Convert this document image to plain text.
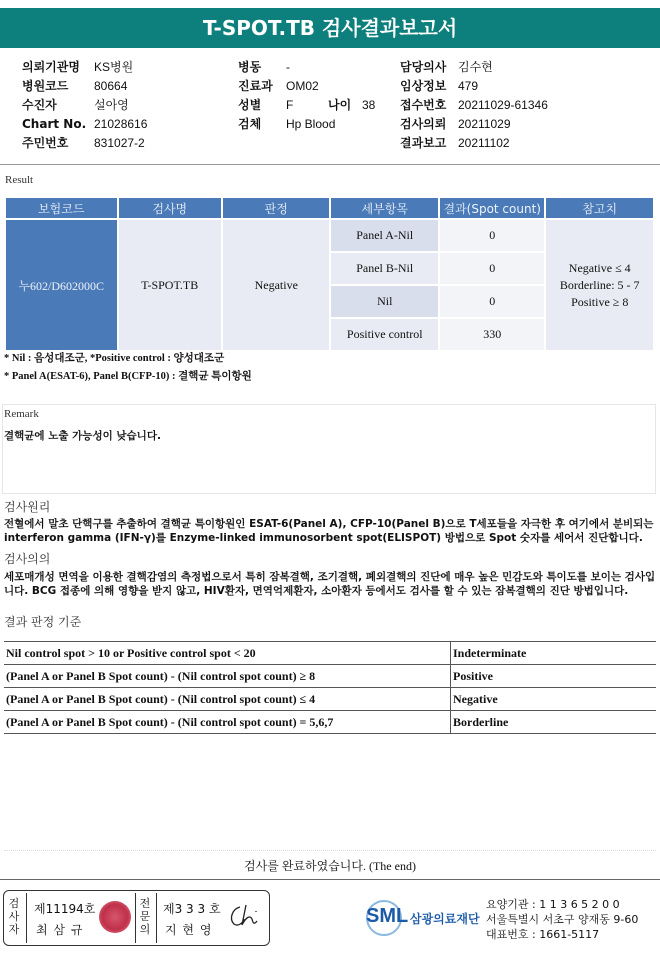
T-SPOT.TB 검사결과보고서
의뢰기관명 KS병원
병원코드 80664
수진자	설아영
Chart No. 21028616
주민번호 831027-2
병동 -
진료과 OM02
성별 F	나이 38
검체 Hp Blood
담당의사 김수현
임상정보 479
접수번호 20211029-61346
검사의뢰 20211029
결과보고 20211102
Result
보험코드	검사명	판정	세부항목	결과(Spot count)	참고치
누602/D602000C	T-SPOT.TB	Negative	Panel A-Nil	0	Negative ≤ 4
Borderline: 5 - 7
Positive ≥ 8

			Panel B-Nil	0	
			Nil	0	
			Positive control	330	
* Nil : 음성대조군, *Positive control : 양성대조군
* Panel A(ESAT-6), Panel B(CFP-10) : 결핵균 특이항원
Remark
결핵균에 노출 가능성이 낮습니다.
검사원리
전혈에서 말초 단핵구를 추출하여 결핵균 특이항원인 ESAT-6(Panel A), CFP-10(Panel B)으로 T세포들을 자극한 후 여기에서 분비되는 interferon gamma (IFN-γ)를 Enzyme-linked immunosorbent spot(ELISPOT) 방법으로 Spot 숫자를 세어서 진단합니다.
검사의의
세포매개성 면역을 이용한 결핵감염의 측정법으로서 특히 잠복결핵, 조기결핵, 폐외결핵의 진단에 매우 높은 민감도와 특이도를 보이는 검사입니다. BCG 접종에 의해 영향을 받지 않고, HIV환자, 면역억제환자, 소아환자 등에서도 검사를 할 수 있는 잠복결핵의 진단 방법입니다.
결과 판정 기준
Nil control spot > 10 or Positive control spot < 20	Indeterminate
(Panel A or Panel B Spot count) - (Nil control spot count) ≥ 8	Positive
(Panel A or Panel B Spot count) - (Nil control spot count) ≤ 4	Negative
(Panel A or Panel B Spot count) - (Nil control spot count) = 5,6,7	Borderline
검사를 완료하였습니다. (The end)
검사자
제11194호
최 삼 규
전문의
제3 3 3 호
지 현 영
SML 삼광의료재단
요양기관 : 1 1 3 6 5 2 0 0
서울특별시 서초구 양재동 9-60
대표번호 : 1661-5117
